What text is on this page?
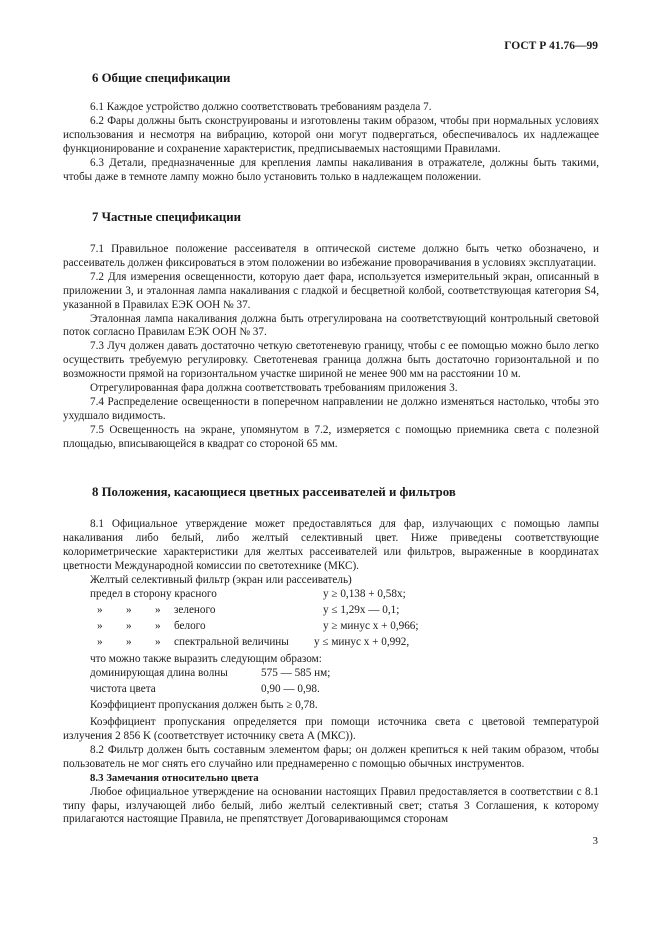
ГОСТ Р 41.76—99
6 Общие спецификации

6.1 Каждое устройство должно соответствовать требованиям раздела 7.

6.2 Фары должны быть сконструированы и изготовлены таким образом, чтобы при нормальных условиях использования и несмотря на вибрацию, которой они могут подвергаться, обеспечивалось их надлежащее функционирование и сохранение характеристик, предписываемых настоящими Правилами.

6.3 Детали, предназначенные для крепления лампы накаливания в отражателе, должны быть такими, чтобы даже в темноте лампу можно было установить только в надлежащем положении.

7 Частные спецификации

7.1 Правильное положение рассеивателя в оптической системе должно быть четко обозначено, и рассеиватель должен фиксироваться в этом положении во избежание проворачивания в условиях эксплуатации.

7.2 Для измерения освещенности, которую дает фара, используется измерительный экран, описанный в приложении 3, и эталонная лампа накаливания с гладкой и бесцветной колбой, соответствующая категория S4, указанной в Правилах ЕЭК ООН № 37.

Эталонная лампа накаливания должна быть отрегулирована на соответствующий контрольный световой поток согласно Правилам ЕЭК ООН № 37.

7.3 Луч должен давать достаточно четкую светотеневую границу, чтобы с ее помощью можно было легко осуществить требуемую регулировку. Светотеневая граница должна быть достаточно горизонтальной и по возможности прямой на горизонтальном участке шириной не менее 900 мм на расстоянии 10 м.

Отрегулированная фара должна соответствовать требованиям приложения 3.

7.4 Распределение освещенности в поперечном направлении не должно изменяться настолько, чтобы это ухудшало видимость.

7.5 Освещенность на экране, упомянутом в 7.2, измеряется с помощью приемника света с полезной площадью, вписывающейся в квадрат со стороной 65 мм.

8 Положения, касающиеся цветных рассеивателей и фильтров

8.1 Официальное утверждение может предоставляться для фар, излучающих с помощью лампы накаливания либо белый, либо желтый селективный цвет. Ниже приведены соответствующие колориметрические характеристики для желтых рассеивателей или фильтров, выраженные в координатах цветности Международной комиссии по светотехнике (МКС).

Желтый селективный фильтр (экран или рассеиватель)

предел в сторону красного	y ≥ 0,138 + 0,58x;
» » » зеленого	y ≤ 1,29x — 0,1;
» » » белого	y ≥ минус x + 0,966;
» » » спектральной величины y ≤ минус x + 0,992,

что можно также выразить следующим образом:

доминирующая длина волны	575 — 585 нм;
чистота цвета	0,90 — 0,98.

Коэффициент пропускания должен быть ≥ 0,78.

Коэффициент пропускания определяется при помощи источника света с цветовой температурой излучения 2 856 K (соответствует источнику света A (МКС)).

8.2 Фильтр должен быть составным элементом фары; он должен крепиться к ней таким образом, чтобы пользователь не мог снять его случайно или преднамеренно с помощью обычных инструментов.

8.3 Замечания относительно цвета

Любое официальное утверждение на основании настоящих Правил предоставляется в соответствии с 8.1 типу фары, излучающей либо белый, либо желтый селективный свет; статья 3 Соглашения, к которому прилагаются настоящие Правила, не препятствует Договаривающимся сторонам

3
